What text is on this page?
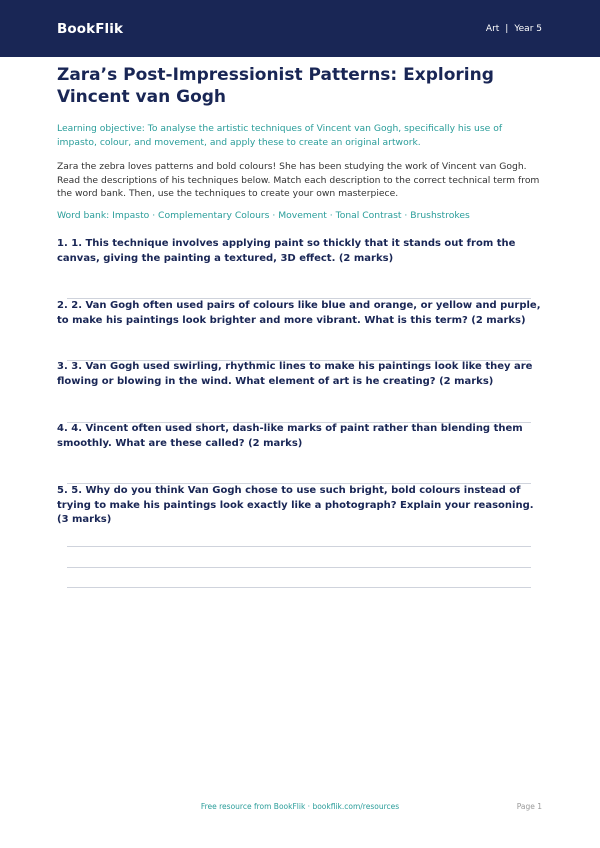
BookFlik	Art | Year 5
Zara’s Post-Impressionist Patterns: Exploring Vincent van Gogh

Learning objective: To analyse the artistic techniques of Vincent van Gogh, specifically his use of impasto, colour, and movement, and apply these to create an original artwork.

Zara the zebra loves patterns and bold colours! She has been studying the work of Vincent van Gogh. Read the descriptions of his techniques below. Match each description to the correct technical term from the word bank. Then, use the techniques to create your own masterpiece.

Word bank: Impasto · Complementary Colours · Movement · Tonal Contrast · Brushstrokes

1. 1. This technique involves applying paint so thickly that it stands out from the canvas, giving the painting a textured, 3D effect. (2 marks)
2. 2. Van Gogh often used pairs of colours like blue and orange, or yellow and purple, to make his paintings look brighter and more vibrant. What is this term? (2 marks)
3. 3. Van Gogh used swirling, rhythmic lines to make his paintings look like they are flowing or blowing in the wind. What element of art is he creating? (2 marks)
4. 4. Vincent often used short, dash-like marks of paint rather than blending them smoothly. What are these called? (2 marks)
5. 5. Why do you think Van Gogh chose to use such bright, bold colours instead of trying to make his paintings look exactly like a photograph? Explain your reasoning. (3 marks)
Free resource from BookFlik · bookflik.com/resources	Page 1
